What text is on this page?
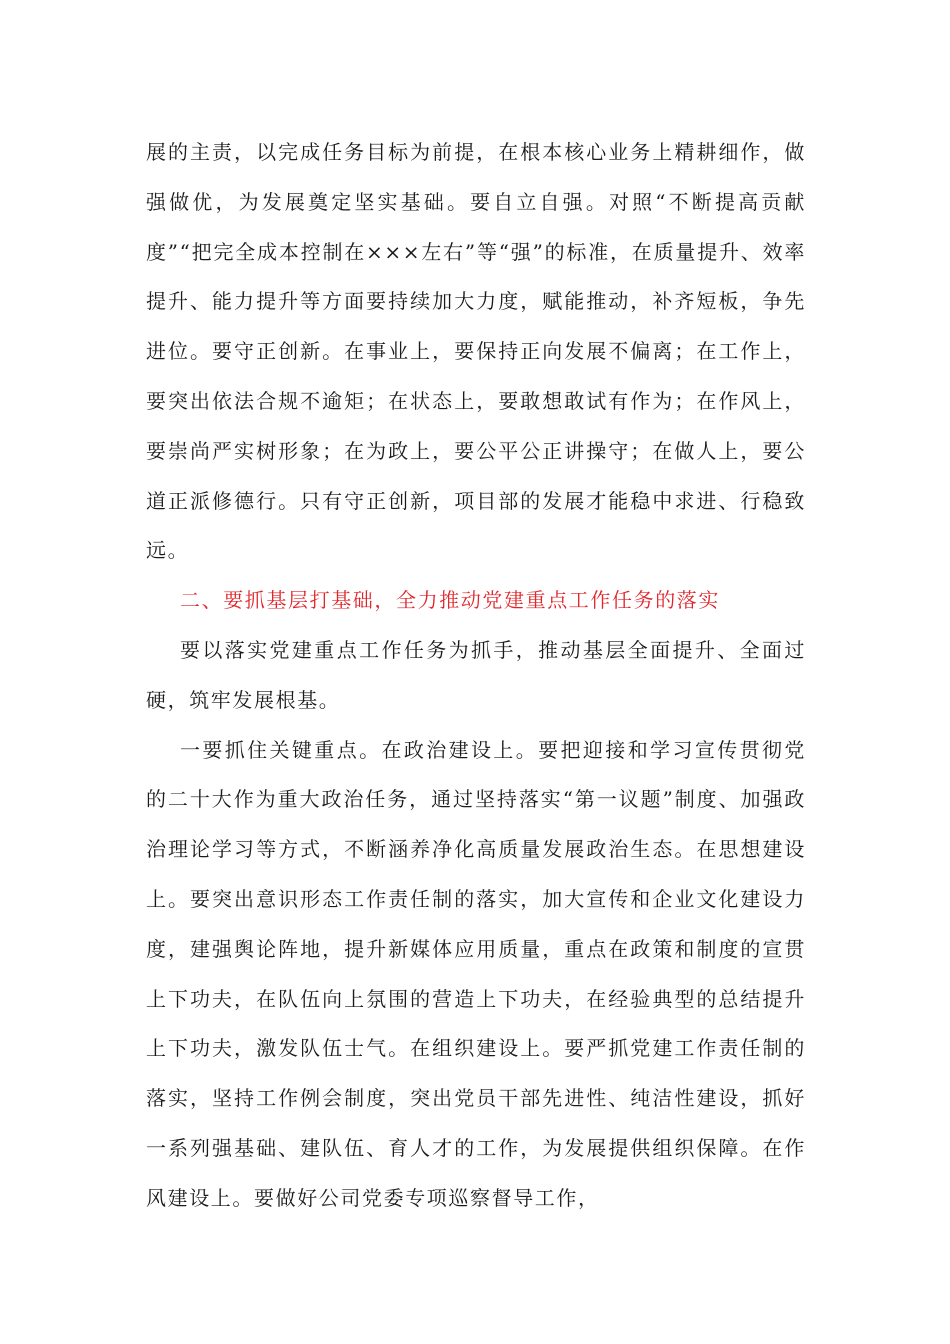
展的主责，以完成任务目标为前提，在根本核心业务上精耕细作，做强做优，为发展奠定坚实基础。要自立自强。对照“不断提高贡献度”“把完全成本控制在×××左右”等“强”的标准，在质量提升、效率提升、能力提升等方面要持续加大力度，赋能推动，补齐短板，争先进位。要守正创新。在事业上，要保持正向发展不偏离；在工作上，要突出依法合规不逾矩；在状态上，要敢想敢试有作为；在作风上，要崇尚严实树形象；在为政上，要公平公正讲操守；在做人上，要公道正派修德行。只有守正创新，项目部的发展才能稳中求进、行稳致远。

二、要抓基层打基础，全力推动党建重点工作任务的落实

要以落实党建重点工作任务为抓手，推动基层全面提升、全面过硬，筑牢发展根基。

一要抓住关键重点。在政治建设上。要把迎接和学习宣传贯彻党的二十大作为重大政治任务，通过坚持落实“第一议题”制度、加强政治理论学习等方式，不断涵养净化高质量发展政治生态。在思想建设上。要突出意识形态工作责任制的落实，加大宣传和企业文化建设力度，建强舆论阵地，提升新媒体应用质量，重点在政策和制度的宣贯上下功夫，在队伍向上氛围的营造上下功夫，在经验典型的总结提升上下功夫，激发队伍士气。在组织建设上。要严抓党建工作责任制的落实，坚持工作例会制度，突出党员干部先进性、纯洁性建设，抓好一系列强基础、建队伍、育人才的工作，为发展提供组织保障。在作风建设上。要做好公司党委专项巡察督导工作，
